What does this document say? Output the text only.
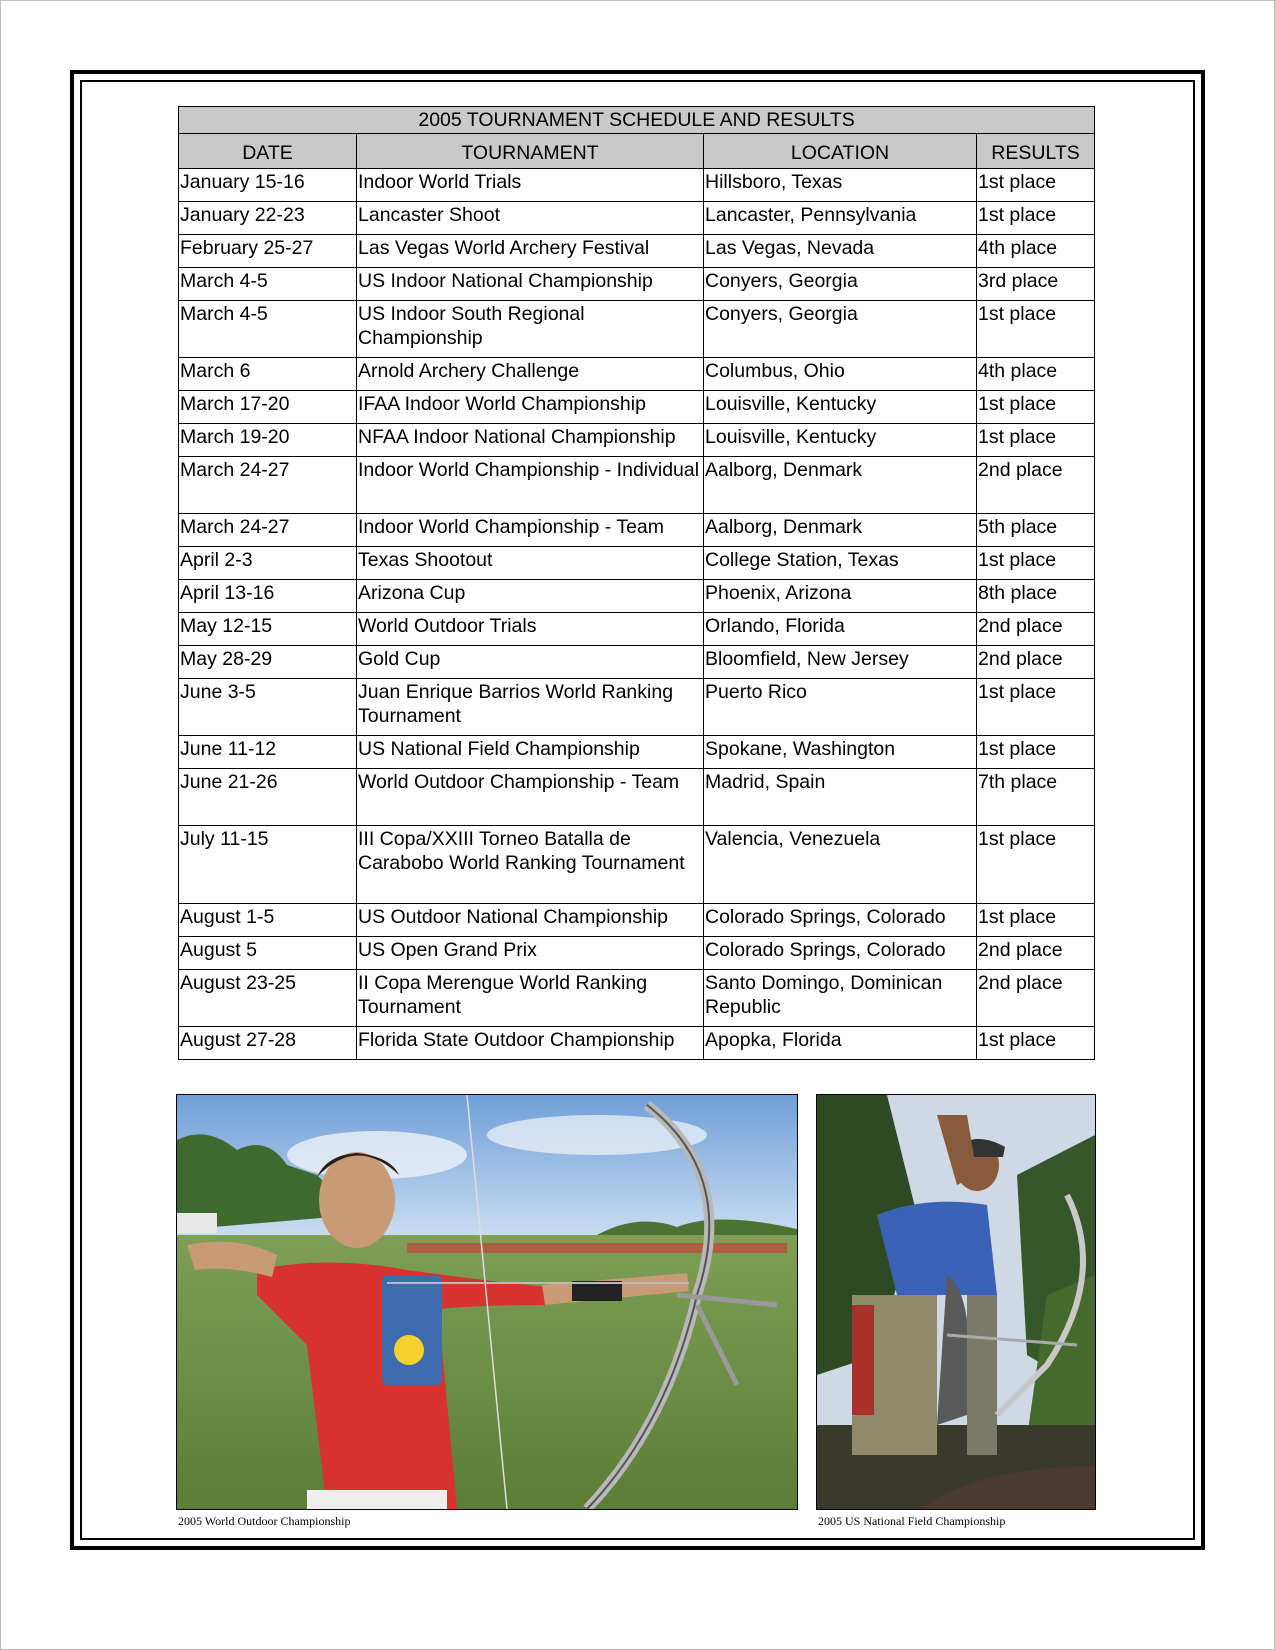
2005 TOURNAMENT SCHEDULE AND RESULTS			
DATE	TOURNAMENT	LOCATION	RESULTS
January 15-16	Indoor World Trials	Hillsboro, Texas	1st place
January 22-23	Lancaster Shoot	Lancaster, Pennsylvania	1st place
February 25-27	Las Vegas World Archery Festival	Las Vegas, Nevada	4th place
March 4-5	US Indoor National Championship	Conyers, Georgia	3rd place
March 4-5	US Indoor South Regional Championship	Conyers, Georgia	1st place
March 6	Arnold Archery Challenge	Columbus, Ohio	4th place
March 17-20	IFAA Indoor World Championship	Louisville, Kentucky	1st place
March 19-20	NFAA Indoor National Championship	Louisville, Kentucky	1st place
March 24-27	Indoor World Championship - Individual	Aalborg, Denmark	2nd place
March 24-27	Indoor World Championship - Team	Aalborg, Denmark	5th place
April 2-3	Texas Shootout	College Station, Texas	1st place
April 13-16	Arizona Cup	Phoenix, Arizona	8th place
May 12-15	World Outdoor Trials	Orlando, Florida	2nd place
May 28-29	Gold Cup	Bloomfield, New Jersey	2nd place
June 3-5	Juan Enrique Barrios World Ranking Tournament	Puerto Rico	1st place
June 11-12	US National Field Championship	Spokane, Washington	1st place
June 21-26	World Outdoor Championship - Team	Madrid, Spain	7th place
July 11-15	III Copa/XXIII Torneo Batalla de Carabobo World Ranking Tournament	Valencia, Venezuela	1st place
August 1-5	US Outdoor National Championship	Colorado Springs, Colorado	1st place
August 5	US Open Grand Prix	Colorado Springs, Colorado	2nd place
August 23-25	II Copa Merengue World Ranking Tournament	Santo Domingo, Dominican Republic	2nd place
August 27-28	Florida State Outdoor Championship	Apopka, Florida	1st place
2005 World Outdoor Championship	2005 US National Field Championship
